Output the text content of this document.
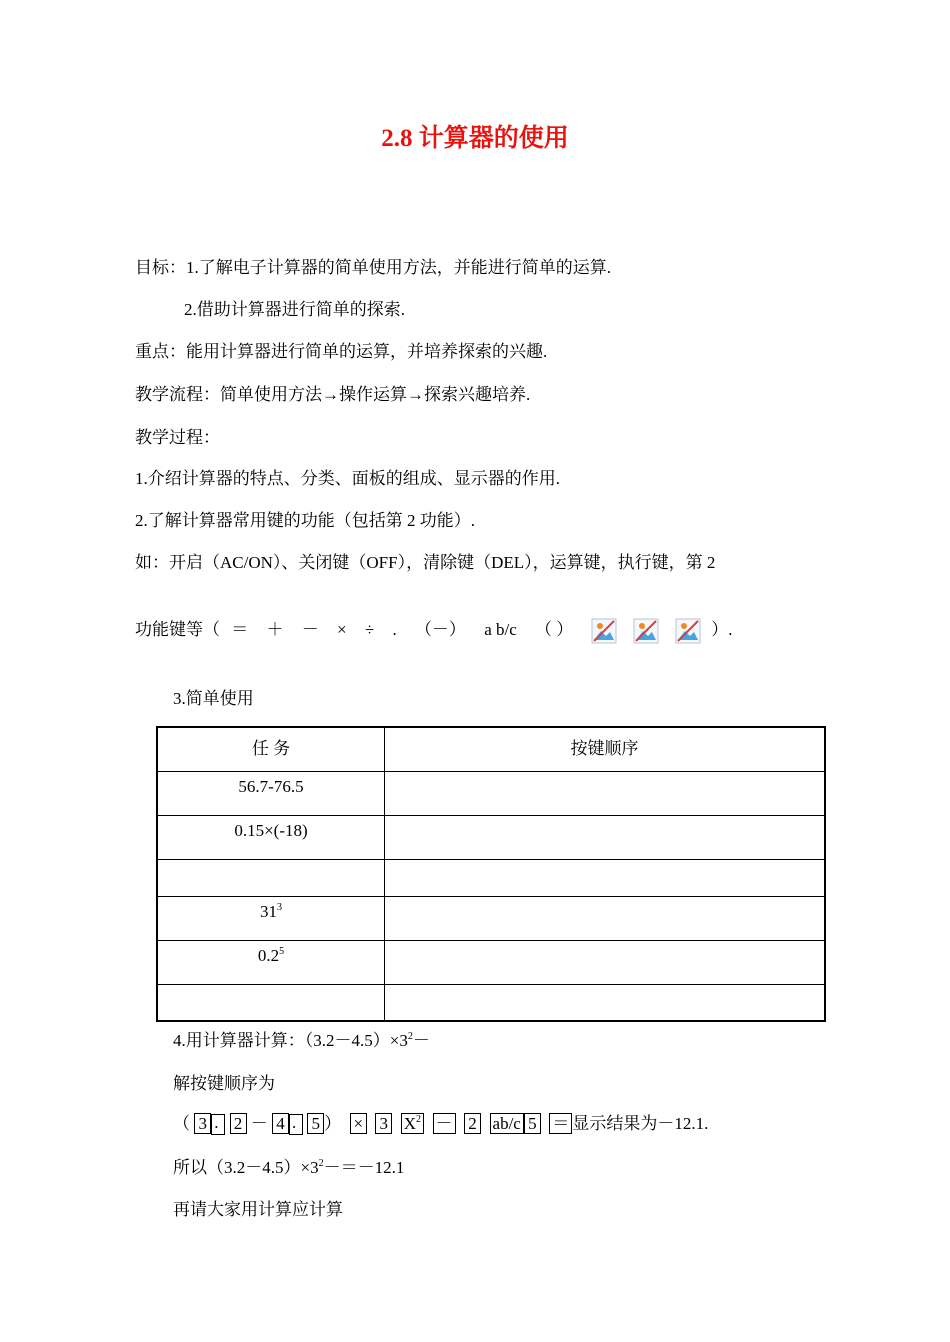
2.8 计算器的使用
目标：1.了解电子计算器的简单使用方法，并能进行简单的运算.
2.借助计算器进行简单的探索.
重点：能用计算器进行简单的运算，并培养探索的兴趣.
教学流程：简单使用方法→操作运算→探索兴趣培养.
教学过程：
1.介绍计算器的特点、分类、面板的组成、显示器的作用.
2.了解计算器常用键的功能（包括第 2 功能）.
如：开启（AC/ON）、关闭键（OFF），清除键（DEL），运算键，执行键，第 2
功能键等（ ＝ ＋ － × ÷ . （－） a b/c （ ）	）.
3.简单使用
任 务	按键顺序
56.7-76.5	
0.15×(-18)	

$31^3$	
$0.2^5$	

4.用计算器计算：$(3.2-4.5)\times 3^2-$
解按键顺序为
（ 3 . 2 － 4 . 5 ） × 3 $X^2 - 2$ ab/c 5 ＝ 显示结果为－12.1.
所以$(3.2-4.5)\times 3^2-=-12.1$
再请大家用计算应计算
